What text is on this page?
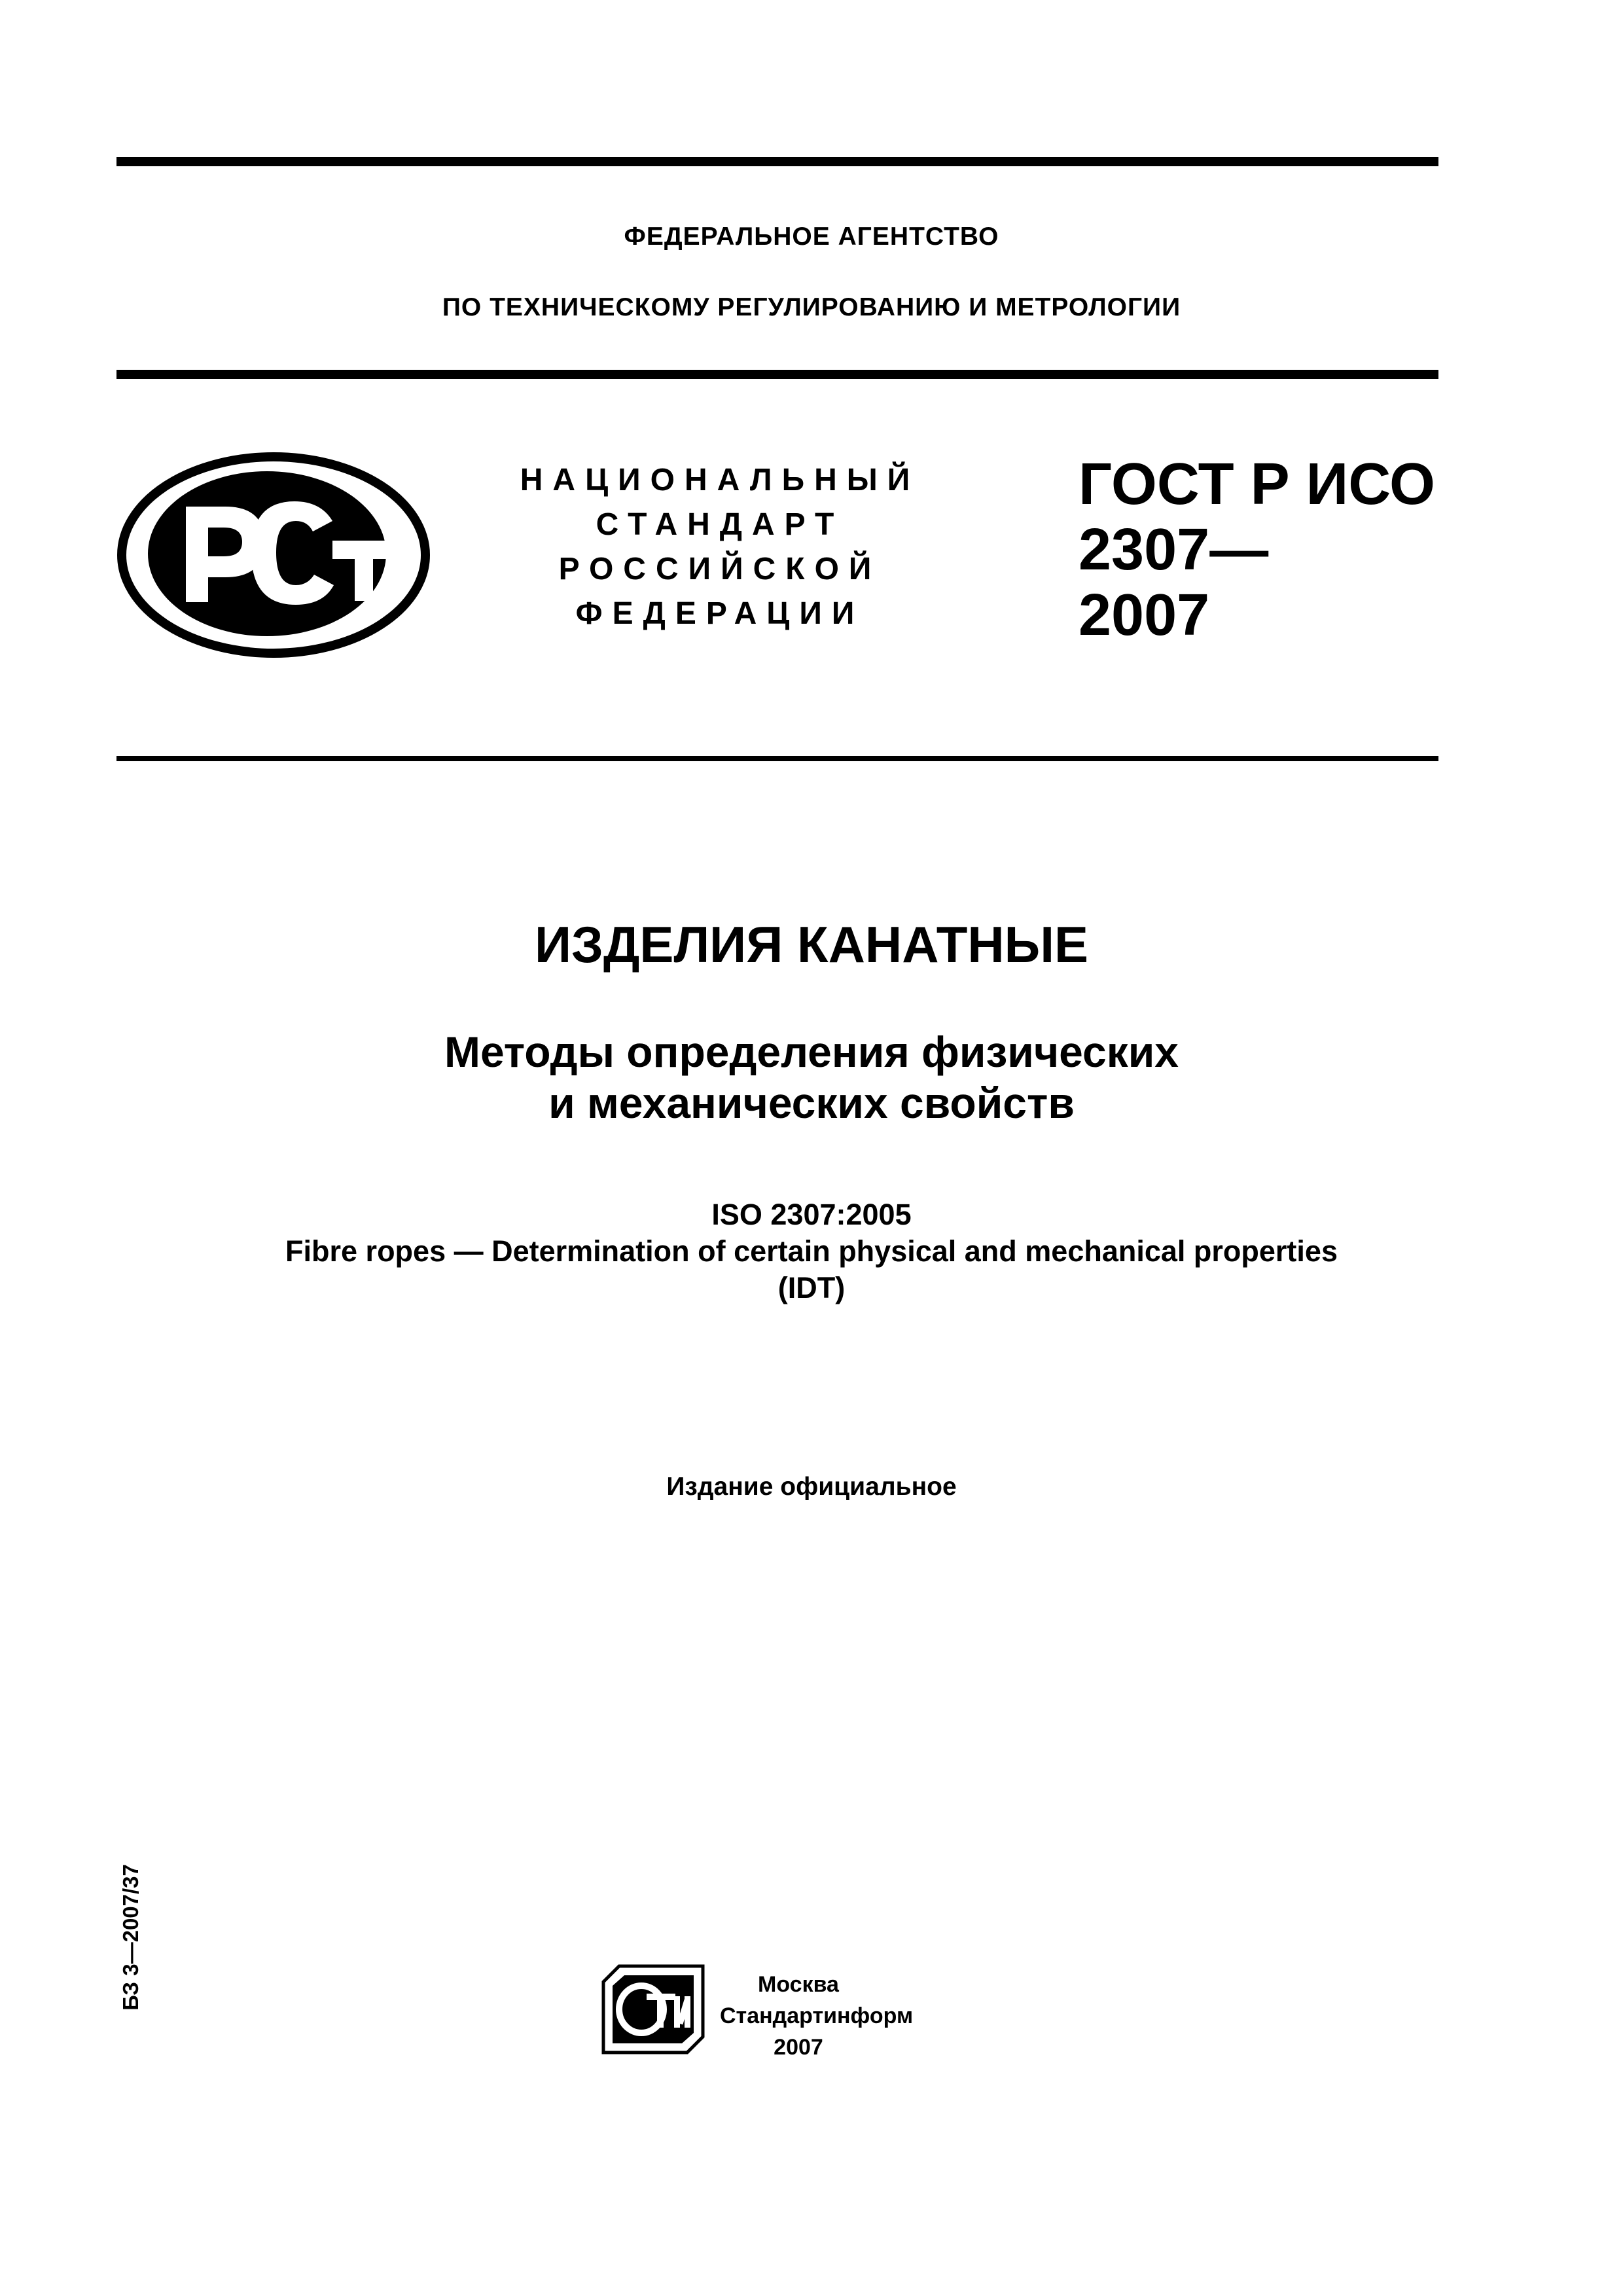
ФЕДЕРАЛЬНОЕ АГЕНТСТВО
ПО ТЕХНИЧЕСКОМУ РЕГУЛИРОВАНИЮ И МЕТРОЛОГИИ
НАЦИОНАЛЬНЫЙ
СТАНДАРТ
РОССИЙСКОЙ
ФЕДЕРАЦИИ
ГОСТ Р ИСО
2307—
2007
ИЗДЕЛИЯ КАНАТНЫЕ
Методы определения физических
и механических свойств
ISO 2307:2005
Fibre ropes — Determination of certain physical and mechanical properties
(IDT)
Издание официальное
БЗ 3—2007/37	Москва
Стандартинформ
2007
